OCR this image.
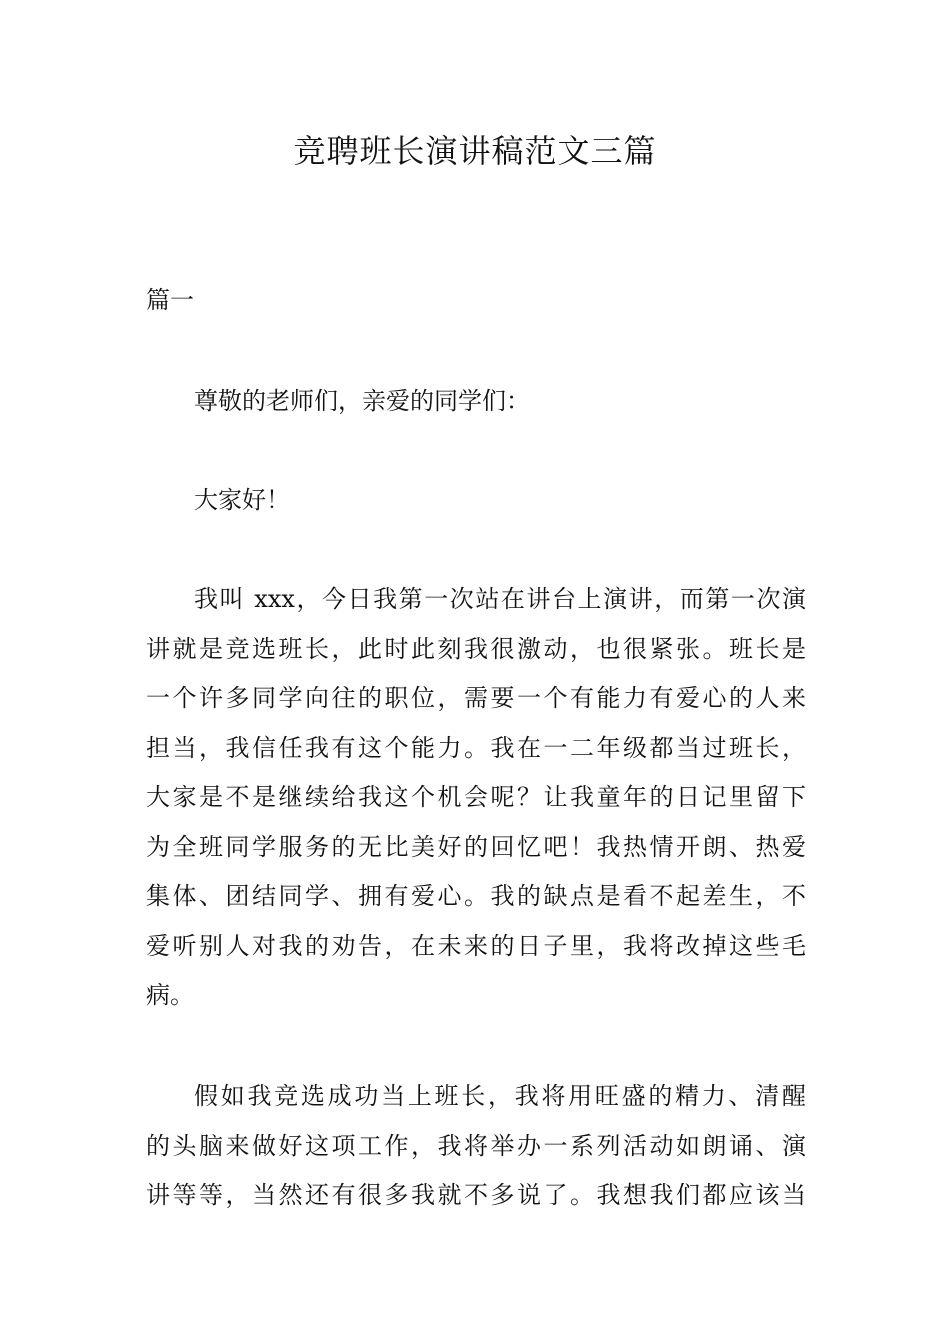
竞聘班长演讲稿范文三篇
篇一

尊敬的老师们，亲爱的同学们：

大家好！

我叫 xxx，今日我第一次站在讲台上演讲，而第一次演
讲就是竞选班长，此时此刻我很激动，也很紧张。班长是
一个许多同学向往的职位，需要一个有能力有爱心的人来
担当，我信任我有这个能力。我在一二年级都当过班长，
大家是不是继续给我这个机会呢？让我童年的日记里留下
为全班同学服务的无比美好的回忆吧！我热情开朗、热爱
集体、团结同学、拥有爱心。我的缺点是看不起差生，不
爱听别人对我的劝告，在未来的日子里，我将改掉这些毛
病。

假如我竞选成功当上班长，我将用旺盛的精力、清醒
的头脑来做好这项工作，我将举办一系列活动如朗诵、演
讲等等，当然还有很多我就不多说了。我想我们都应该当
